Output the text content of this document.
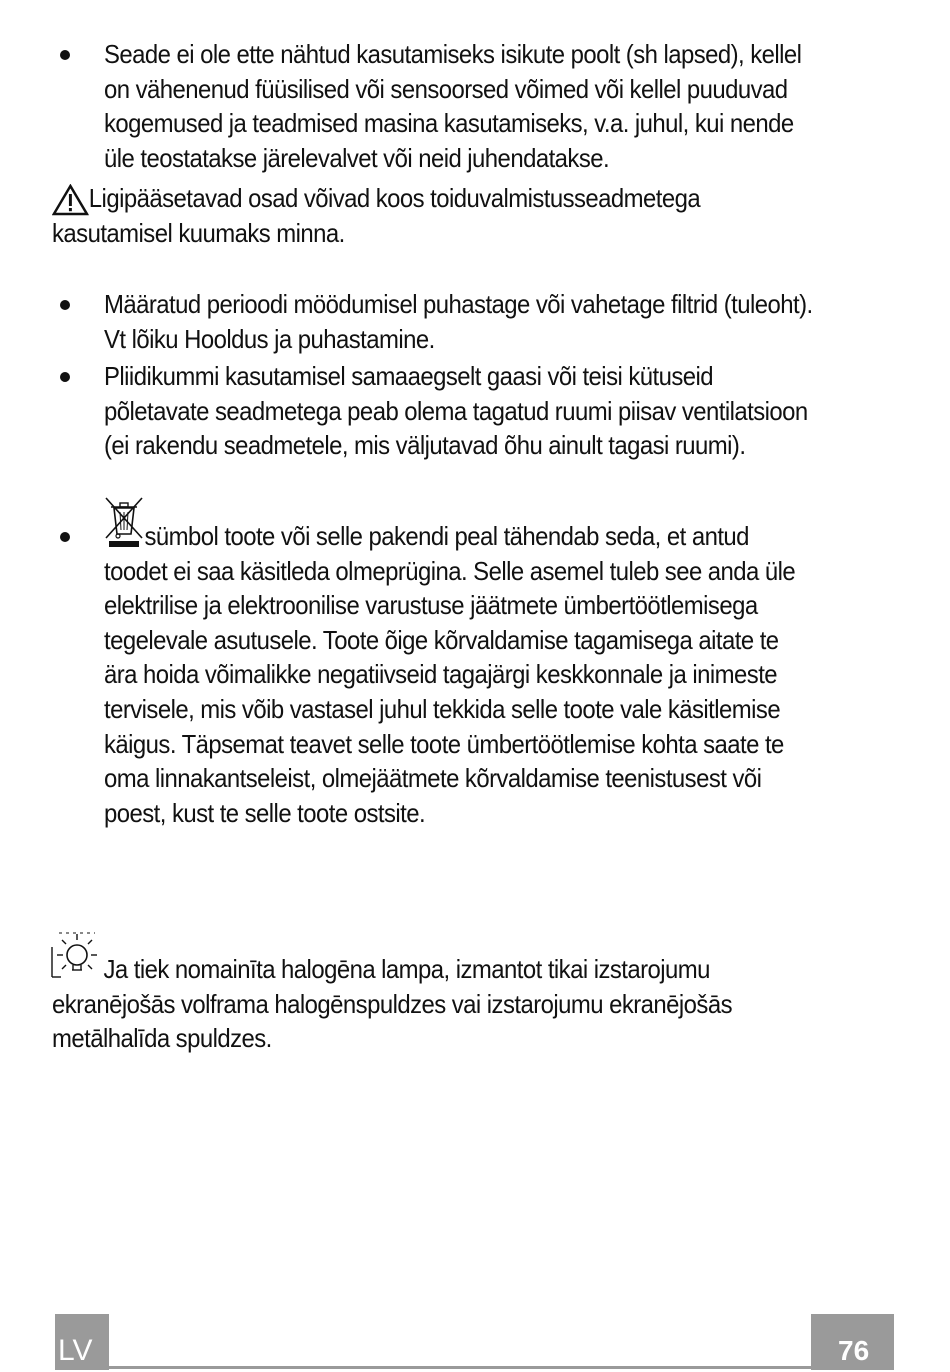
Seade ei ole ette nähtud kasutamiseks isikute poolt (sh lapsed), kellel
on vähenenud füüsilised või sensoorsed võimed või kellel puuduvad
kogemused ja teadmised masina kasutamiseks, v.a. juhul, kui nende
üle teostatakse järelevalvet või neid juhendatakse.
Ligipääsetavad osad võivad koos toiduvalmistusseadmetega
kasutamisel kuumaks minna.
Määratud perioodi möödumisel puhastage või vahetage filtrid (tuleoht).
Vt lõiku Hooldus ja puhastamine.
Pliidikummi kasutamisel samaaegselt gaasi või teisi kütuseid
põletavate seadmetega peab olema tagatud ruumi piisav ventilatsioon
(ei rakendu seadmetele, mis väljutavad õhu ainult tagasi ruumi).
sümbol toote või selle pakendi peal tähendab seda, et antud
toodet ei saa käsitleda olmeprügina. Selle asemel tuleb see anda üle
elektrilise ja elektroonilise varustuse jäätmete ümbertöötlemisega
tegelevale asutusele. Toote õige kõrvaldamise tagamisega aitate te
ära hoida võimalikke negatiivseid tagajärgi keskkonnale ja inimeste
tervisele, mis võib vastasel juhul tekkida selle toote vale käsitlemise
käigus. Täpsemat teavet selle toote ümbertöötlemise kohta saate te
oma linnakantseleist, olmejäätmete kõrvaldamise teenistusest või
poest, kust te selle toote ostsite.
Ja tiek nomainīta halogēna lampa, izmantot tikai izstarojumu
ekranējošās volframa halogēnspuldzes vai izstarojumu ekranējošās
metālhalīda spuldzes.
LV	76
